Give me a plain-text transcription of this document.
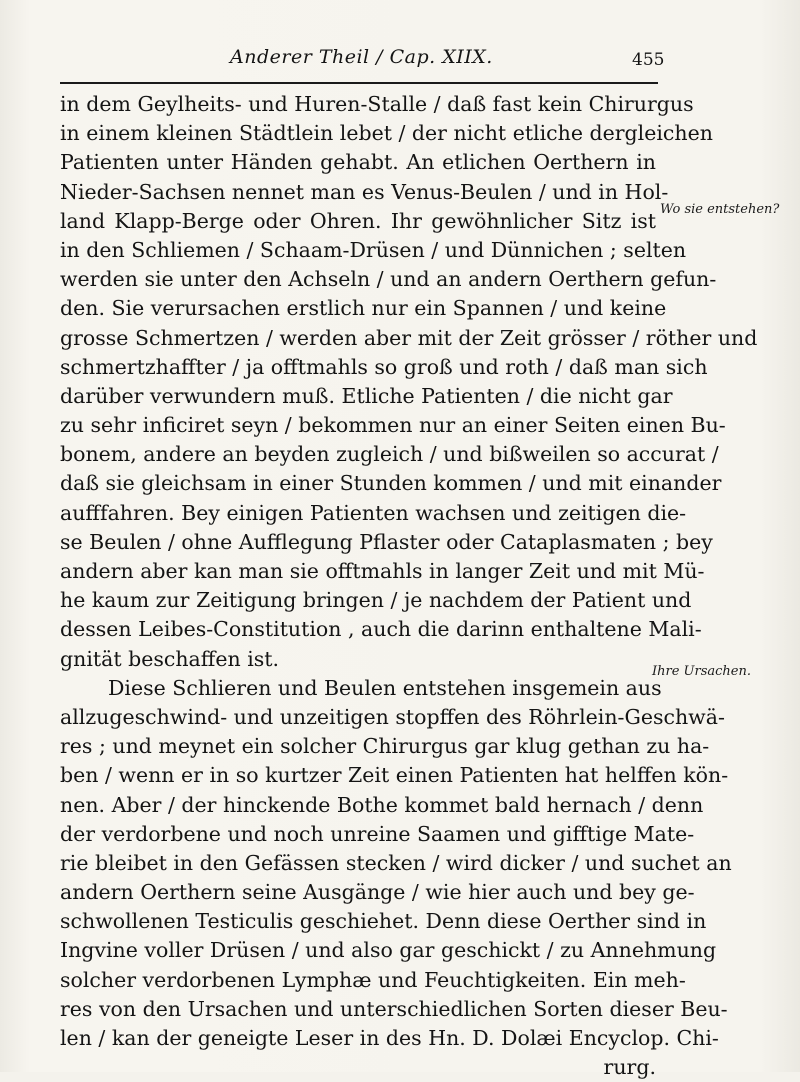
Anderer Theil / Cap. XIIX.	455
in dem Geylheits- und Huren-Stalle / daß fast kein Chirurgus
in einem kleinen Städtlein lebet / der nicht etliche dergleichen
Patienten unter Händen gehabt. An etlichen Oerthern in
Nieder-Sachsen nennet man es Venus-Beulen / und in Hol-
land Klapp-Berge oder Ohren. Ihr gewöhnlicher Sitz ist
in den Schliemen / Schaam-Drüsen / und Dünnichen ; selten
werden sie unter den Achseln / und an andern Oerthern gefun-
den. Sie verursachen erstlich nur ein Spannen / und keine
grosse Schmertzen / werden aber mit der Zeit grösser / röther und
schmertzhaffter / ja offtmahls so groß und roth / daß man sich
darüber verwundern muß. Etliche Patienten / die nicht gar
zu sehr inficiret seyn / bekommen nur an einer Seiten einen Bu-
bonem, andere an beyden zugleich / und bißweilen so accurat /
daß sie gleichsam in einer Stunden kommen / und mit einander
aufffahren. Bey einigen Patienten wachsen und zeitigen die-
se Beulen / ohne Aufflegung Pflaster oder Cataplasmaten ; bey
andern aber kan man sie offtmahls in langer Zeit und mit Mü-
he kaum zur Zeitigung bringen / je nachdem der Patient und
dessen Leibes-Constitution , auch die darinn enthaltene Mali-
gnität beschaffen ist.
Diese Schlieren und Beulen entstehen insgemein aus
allzugeschwind- und unzeitigen stopffen des Röhrlein-Geschwä-
res ; und meynet ein solcher Chirurgus gar klug gethan zu ha-
ben / wenn er in so kurtzer Zeit einen Patienten hat helffen kön-
nen. Aber / der hinckende Bothe kommet bald hernach / denn
der verdorbene und noch unreine Saamen und gifftige Mate-
rie bleibet in den Gefässen stecken / wird dicker / und suchet an
andern Oerthern seine Ausgänge / wie hier auch und bey ge-
schwollenen Testiculis geschiehet. Denn diese Oerther sind in
Ingvine voller Drüsen / und also gar geschickt / zu Annehmung
solcher verdorbenen Lymphæ und Feuchtigkeiten. Ein meh-
res von den Ursachen und unterschiedlichen Sorten dieser Beu-
len / kan der geneigte Leser in des Hn. D. Dolæi Encyclop. Chi-
rurg.
Wo sie entstehen?
Ihre Ursachen.
